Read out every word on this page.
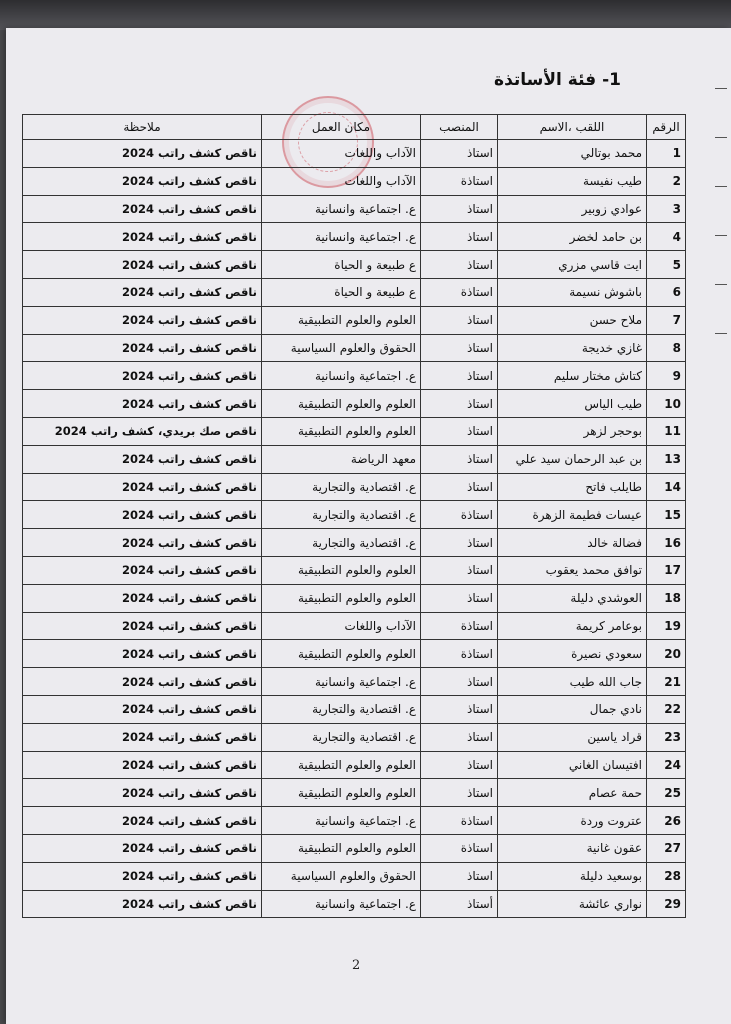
1- فئة الأساتذة
الرقم	اللقب ،الاسم	المنصب	مكان العمل	ملاحظة
1	محمد بوتالي	استاذ	الآداب واللغات	ناقص كشف راتب 2024
2	طيب نفيسة	استاذة	الآداب واللغات	ناقص كشف راتب 2024
3	عوادي زوبير	استاذ	ع. اجتماعية وانسانية	ناقص كشف راتب 2024
4	بن حامد لخضر	استاذ	ع. اجتماعية وانسانية	ناقص كشف راتب 2024
5	ايت قاسي مزري	استاذ	ع طبيعة و الحياة	ناقص كشف راتب 2024
6	باشوش نسيمة	استاذة	ع طبيعة و الحياة	ناقص كشف راتب 2024
7	ملاح حسن	استاذ	العلوم والعلوم التطبيقية	ناقص كشف راتب 2024
8	غازي خديجة	استاذ	الحقوق والعلوم السياسية	ناقص كشف راتب 2024
9	كتاش مختار سليم	استاذ	ع. اجتماعية وانسانية	ناقص كشف راتب 2024
10	طيب الياس	استاذ	العلوم والعلوم التطبيقية	ناقص كشف راتب 2024
11	بوحجر لزهر	استاذ	العلوم والعلوم التطبيقية	ناقص صك بريدي، كشف راتب 2024
13	بن عبد الرحمان سيد علي	استاذ	معهد الرياضة	ناقص كشف راتب 2024
14	طايلب فاتح	استاذ	ع. اقتصادية والتجارية	ناقص كشف راتب 2024
15	عيسات فطيمة الزهرة	استاذة	ع. اقتصادية والتجارية	ناقص كشف راتب 2024
16	فضالة خالد	استاذ	ع. اقتصادية والتجارية	ناقص كشف راتب 2024
17	توافق محمد يعقوب	استاذ	العلوم والعلوم التطبيقية	ناقص كشف راتب 2024
18	العوشدي دليلة	استاذ	العلوم والعلوم التطبيقية	ناقص كشف راتب 2024
19	بوعامر كريمة	استاذة	الآداب واللغات	ناقص كشف راتب 2024
20	سعودي نصيرة	استاذة	العلوم والعلوم التطبيقية	ناقص كشف راتب 2024
21	جاب الله طيب	استاذ	ع. اجتماعية وانسانية	ناقص كشف راتب 2024
22	نادي جمال	استاذ	ع. اقتصادية والتجارية	ناقص كشف راتب 2024
23	قراد ياسين	استاذ	ع. اقتصادية والتجارية	ناقص كشف راتب 2024
24	افتيسان الغاني	استاذ	العلوم والعلوم التطبيقية	ناقص كشف راتب 2024
25	حمة عصام	استاذ	العلوم والعلوم التطبيقية	ناقص كشف راتب 2024
26	عتروت وردة	استاذة	ع. اجتماعية وانسانية	ناقص كشف راتب 2024
27	عقون غانية	استاذة	العلوم والعلوم التطبيقية	ناقص كشف راتب 2024
28	بوسعيد دليلة	استاذ	الحقوق والعلوم السياسية	ناقص كشف راتب 2024
29	نواري عائشة	أستاذ	ع. اجتماعية وانسانية	ناقص كشف راتب 2024
2
